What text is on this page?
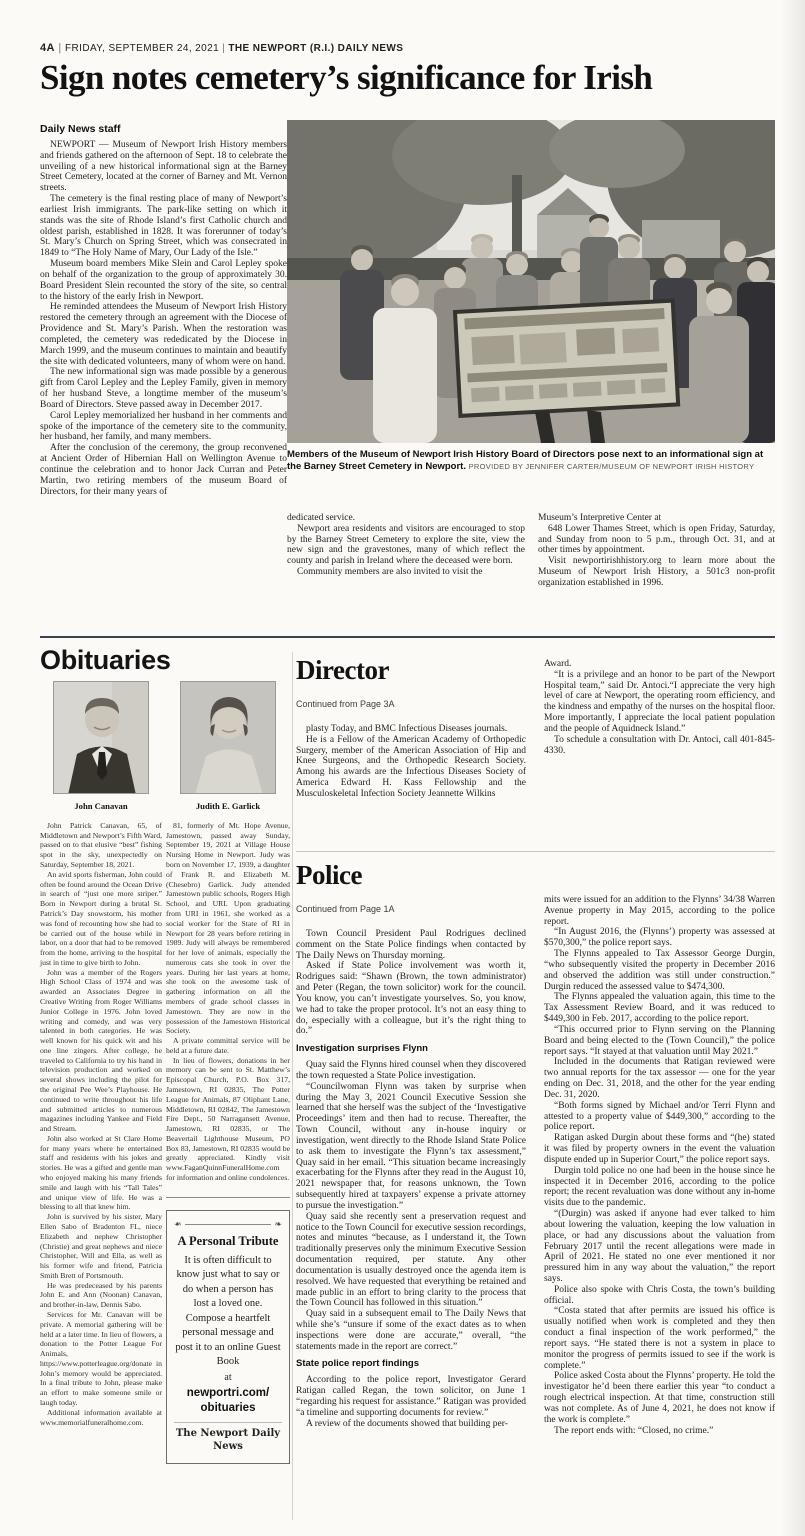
4A | FRIDAY, SEPTEMBER 24, 2021 | THE NEWPORT (R.I.) DAILY NEWS
Sign notes cemetery’s significance for Irish
Daily News staff

NEWPORT — Museum of Newport Irish History members and friends gathered on the afternoon of Sept. 18 to celebrate the unveiling of a new historical informational sign at the Barney Street Cemetery, located at the corner of Barney and Mt. Vernon streets.

The cemetery is the final resting place of many of Newport’s earliest Irish immigrants. The park-like setting on which it stands was the site of Rhode Island’s first Catholic church and oldest parish, established in 1828. It was forerunner of today’s St. Mary’s Church on Spring Street, which was consecrated in 1849 to “The Holy Name of Mary, Our Lady of the Isle.”

Museum board members Mike Slein and Carol Lepley spoke on behalf of the organization to the group of approximately 30. Board President Slein recounted the story of the site, so central to the history of the early Irish in Newport.

He reminded attendees the Museum of Newport Irish History restored the cemetery through an agreement with the Diocese of Providence and St. Mary’s Parish. When the restoration was completed, the cemetery was rededicated by the Diocese in March 1999, and the museum continues to maintain and beautify the site with dedicated volunteers, many of whom were on hand.

The new informational sign was made possible by a generous gift from Carol Lepley and the Lepley Family, given in memory of her husband Steve, a longtime member of the museum’s Board of Directors. Steve passed away in December 2017.

Carol Lepley memorialized her husband in her comments and spoke of the importance of the cemetery site to the community, her husband, her family, and many members.

After the conclusion of the ceremony, the group reconvened at Ancient Order of Hibernian Hall on Wellington Avenue to continue the celebration and to honor Jack Curran and Peter Martin, two retiring members of the museum Board of Directors, for their many years of

Members of the Museum of Newport Irish History Board of Directors pose next to an informational sign at the Barney Street Cemetery in Newport. PROVIDED BY JENNIFER CARTER/MUSEUM OF NEWPORT IRISH HISTORY

dedicated service.

Newport area residents and visitors are encouraged to stop by the Barney Street Cemetery to explore the site, view the new sign and the gravestones, many of which reflect the county and parish in Ireland where the deceased were born.

Community members are also invited to visit the

Museum’s Interpretive Center at

648 Lower Thames Street, which is open Friday, Saturday, and Sunday from noon to 5 p.m., through Oct. 31, and at other times by appointment.

Visit newportirishhistory.org to learn more about the Museum of Newport Irish History, a 501c3 non-profit organization established in 1996.

Obituaries
John Canavan

John Patrick Canavan, 65, of Middletown and Newport’s Fifth Ward, passed on to that elusive “best” fishing spot in the sky, unexpectedly on Saturday, September 18, 2021.

An avid sports fisherman, John could often be found around the Ocean Drive in search of “just one more striper.” Born in Newport during a brutal St. Patrick’s Day snowstorm, his mother was fond of recounting how she had to be carried out of the house while in labor, on a door that had to be removed from the home, arriving to the hospital just in time to give birth to John.

John was a member of the Rogers High School Class of 1974 and was awarded an Associates Degree in Creative Writing from Roger Williams Junior College in 1976. John loved writing and comedy, and was very talented in both categories. He was well known for his quick wit and his one line zingers. After college, he traveled to California to try his hand in television production and worked on several shows including the pilot for the original Pee Wee’s Playhouse. He continued to write throughout his life and submitted articles to numerous magazines including Yankee and Field and Stream.

John also worked at St Clare Home for many years where he entertained staff and residents with his jokes and stories. He was a gifted and gentle man who enjoyed making his many friends smile and laugh with his “Tall Tales” and unique view of life. He was a blessing to all that knew him.

John is survived by his sister, Mary Ellen Sabo of Bradenton FL, niece Elizabeth and nephew Christopher (Christie) and great nephews and niece Christopher, Will and Ella, as well as his former wife and friend, Patricia Smith Brett of Portsmouth.

He was predeceased by his parents John E. and Ann (Noonan) Canavan, and brother-in-law, Dennis Sabo.

Services for Mr. Canavan will be private. A memorial gathering will be held at a later time. In lieu of flowers, a donation to the Potter League For Animals, https://www.potterleague.org/donate in John’s memory would be appreciated. In a final tribute to John, please make an effort to make someone smile or laugh today.

Additional information available at www.memorialfuneralhome.com.

Judith E. Garlick

81, formerly of Mt. Hope Avenue, Jamestown, passed away Sunday, September 19, 2021 at Village House Nursing Home in Newport. Judy was born on November 17, 1939, a daughter of Frank R. and Elizabeth M. (Chesebro) Garlick. Judy attended Jamestown public schools, Rogers High School, and URI. Upon graduating from URI in 1961, she worked as a social worker for the State of RI in Newport for 28 years before retiring in 1989. Judy will always be remembered for her love of animals, especially the numerous cats she took in over the years. During her last years at home, she took on the awesome task of gathering information on all the members of grade school classes in Jamestown. They are now in the possession of the Jamestown Historical Society.

A private committal service will be held at a future date.

In lieu of flowers, donations in her memory can be sent to St. Matthew’s Episcopal Church, P.O. Box 317, Jamestown, RI 02835, The Potter League for Animals, 87 Oliphant Lane, Middletown, RI 02842, The Jamestown Fire Dept., 50 Narragansett Avenue, Jamestown, RI 02835, or The Beavertail Lighthouse Museum, PO Box 83, Jamestown, RI 02835 would be greatly appreciated. Kindly visit www.FaganQuinnFuneralHome.com for information and online condolences.

❧	❧
A Personal Tribute
It is often difficult to know just what to say or do when a person has lost a loved one. Compose a heartfelt personal message and post it to an online Guest Book
at
newportri.com/ obituaries
The Newport Daily News
Director
Continued from Page 3A

plasty Today, and BMC Infectious Diseases journals.

He is a Fellow of the American Academy of Orthopedic Surgery, member of the American Association of Hip and Knee Surgeons, and the Orthopedic Research Society. Among his awards are the Infectious Diseases Society of America Edward H. Kass Fellowship and the Musculoskeletal Infection Society Jeannette Wilkins

Award.

“It is a privilege and an honor to be part of the Newport Hospital team,” said Dr. Antoci.“I appreciate the very high level of care at Newport, the operating room efficiency, and the kindness and empathy of the nurses on the hospital floor. More importantly, I appreciate the local patient population and the people of Aquidneck Island.”

To schedule a consultation with Dr. Antoci, call 401-845-4330.

Police
Continued from Page 1A

Town Council President Paul Rodrigues declined comment on the State Police findings when contacted by The Daily News on Thursday morning.

Asked if State Police involvement was worth it, Rodrigues said: “Shawn (Brown, the town administrator) and Peter (Regan, the town solicitor) work for the council. You know, you can’t investigate yourselves. So, you know, we had to take the proper protocol. It’s not an easy thing to do, especially with a colleague, but it’s the right thing to do.”

Investigation surprises Flynn

Quay said the Flynns hired counsel when they discovered the town requested a State Police investigation.

“Councilwoman Flynn was taken by surprise when during the May 3, 2021 Council Executive Session she learned that she herself was the subject of the ‘Investigative Proceedings’ item and then had to recuse. Thereafter, the Town Council, without any in-house inquiry or investigation, went directly to the Rhode Island State Police to ask them to investigate the Flynn’s tax assessment,” Quay said in her email. “This situation became increasingly exacerbating for the Flynns after they read in the August 10, 2021 newspaper that, for reasons unknown, the Town subsequently hired at taxpayers’ expense a private attorney to pursue the investigation.”

Quay said she recently sent a preservation request and notice to the Town Council for executive session recordings, notes and minutes “because, as I understand it, the Town traditionally preserves only the minimum Executive Session documentation required, per statute. Any other documentation is usually destroyed once the agenda item is resolved. We have requested that everything be retained and made public in an effort to bring clarity to the process that the Town Council has followed in this situation.”

Quay said in a subsequent email to The Daily News that while she’s “unsure if some of the exact dates as to when inspections were done are accurate,” overall, “the statements made in the report are correct.”

State police report findings

According to the police report, Investigator Gerard Ratigan called Regan, the town solicitor, on June 1 “regarding his request for assistance.” Ratigan was provided “a timeline and supporting documents for review.”

A review of the documents showed that building per-

mits were issued for an addition to the Flynns’ 34/38 Warren Avenue property in May 2015, according to the police report.

“In August 2016, the (Flynns’) property was assessed at $570,300,” the police report says.

The Flynns appealed to Tax Assessor George Durgin, “who subsequently visited the property in December 2016 and observed the addition was still under construction.” Durgin reduced the assessed value to $474,300.

The Flynns appealed the valuation again, this time to the Tax Assessment Review Board, and it was reduced to $449,300 in Feb. 2017, according to the police report.

“This occurred prior to Flynn serving on the Planning Board and being elected to the (Town Council),” the police report says. “It stayed at that valuation until May 2021.”

Included in the documents that Ratigan reviewed were two annual reports for the tax assessor — one for the year ending on Dec. 31, 2018, and the other for the year ending Dec. 31, 2020.

“Both forms signed by Michael and/or Terri Flynn and attested to a property value of $449,300,” according to the police report.

Ratigan asked Durgin about these forms and “(he) stated it was filed by property owners in the event the valuation dispute ended up in Superior Court,” the police report says.

Durgin told police no one had been in the house since he inspected it in December 2016, according to the police report; the recent revaluation was done without any in-home visits due to the pandemic.

“(Durgin) was asked if anyone had ever talked to him about lowering the valuation, keeping the low valuation in place, or had any discussions about the valuation from February 2017 until the recent allegations were made in April of 2021. He stated no one ever mentioned it nor pressured him in any way about the valuation,” the report says.

Police also spoke with Chris Costa, the town’s building official.

“Costa stated that after permits are issued his office is usually notified when work is completed and they then conduct a final inspection of the work performed,” the report says. “He stated there is not a system in place to monitor the progress of permits issued to see if the work is complete.”

Police asked Costa about the Flynns’ property. He told the investigator he’d been there earlier this year “to conduct a rough electrical inspection. At that time, construction still was not complete. As of June 4, 2021, he does not know if the work is complete.”

The report ends with: “Closed, no crime.”
